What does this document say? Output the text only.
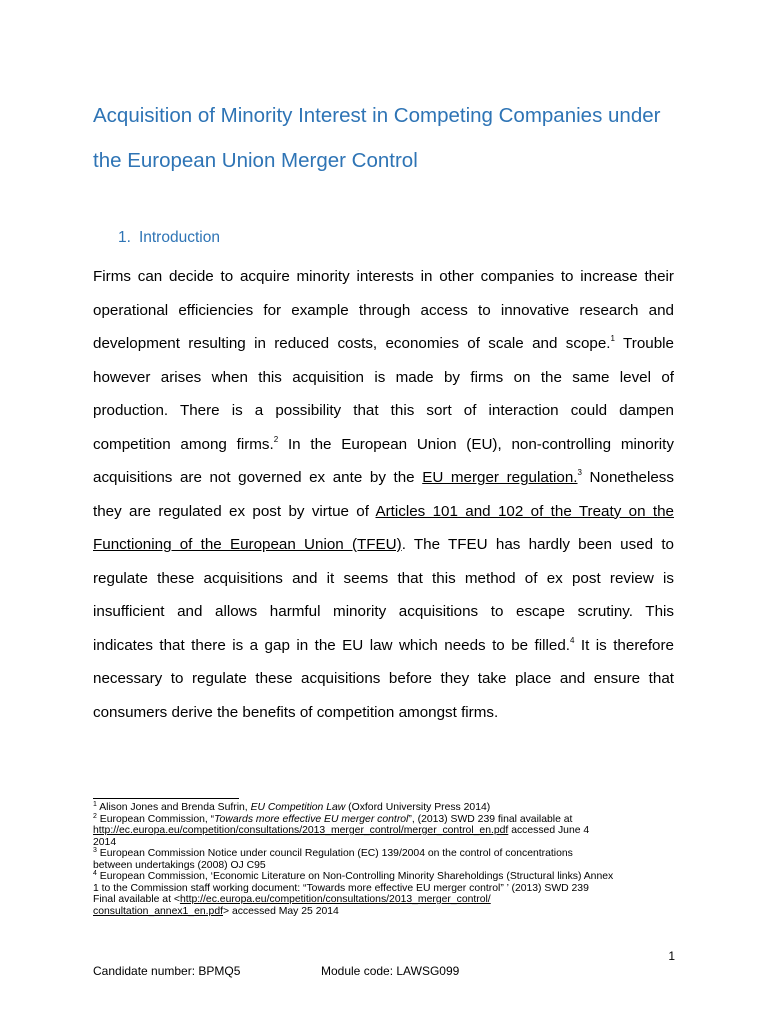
Acquisition of Minority Interest in Competing Companies under
the European Union Merger Control
1. Introduction
Firms can decide to acquire minority interests in other companies to increase their
operational efficiencies for example through access to innovative research and
development resulting in reduced costs, economies of scale and scope.$^1$ Trouble
however arises when this acquisition is made by firms on the same level of
production. There is a possibility that this sort of interaction could dampen
competition among firms.$^2$ In the European Union (EU), non-controlling minority
acquisitions are not governed ex ante by the EU merger regulation.$^3$ Nonetheless
they are regulated ex post by virtue of Articles 101 and 102 of the Treaty on the
Functioning of the European Union (TFEU). The TFEU has hardly been used to
regulate these acquisitions and it seems that this method of ex post review is
insufficient and allows harmful minority acquisitions to escape scrutiny. This
indicates that there is a gap in the EU law which needs to be filled.$^4$ It is therefore
necessary to regulate these acquisitions before they take place and ensure that
consumers derive the benefits of competition amongst firms.
$^1$ Alison Jones and Brenda Sufrin, EU Competition Law (Oxford University Press 2014)
$^2$ European Commission, “Towards more effective EU merger control”, (2013) SWD 239 final available at
http://ec.europa.eu/competition/consultations/2013_merger_control/merger_control_en.pdf accessed June 4
2014
$^3$ European Commission Notice under council Regulation (EC) 139/2004 on the control of concentrations
between undertakings (2008) OJ C95
$^4$ European Commission, ‘Economic Literature on Non-Controlling Minority Shareholdings (Structural links) Annex
1 to the Commission staff working document: “Towards more effective EU merger control” ’ (2013) SWD 239
Final available at <http://ec.europa.eu/competition/consultations/2013_merger_control/
consultation_annex1_en.pdf> accessed May 25 2014
1
Candidate number: BPMQ5	Module code: LAWSG099
